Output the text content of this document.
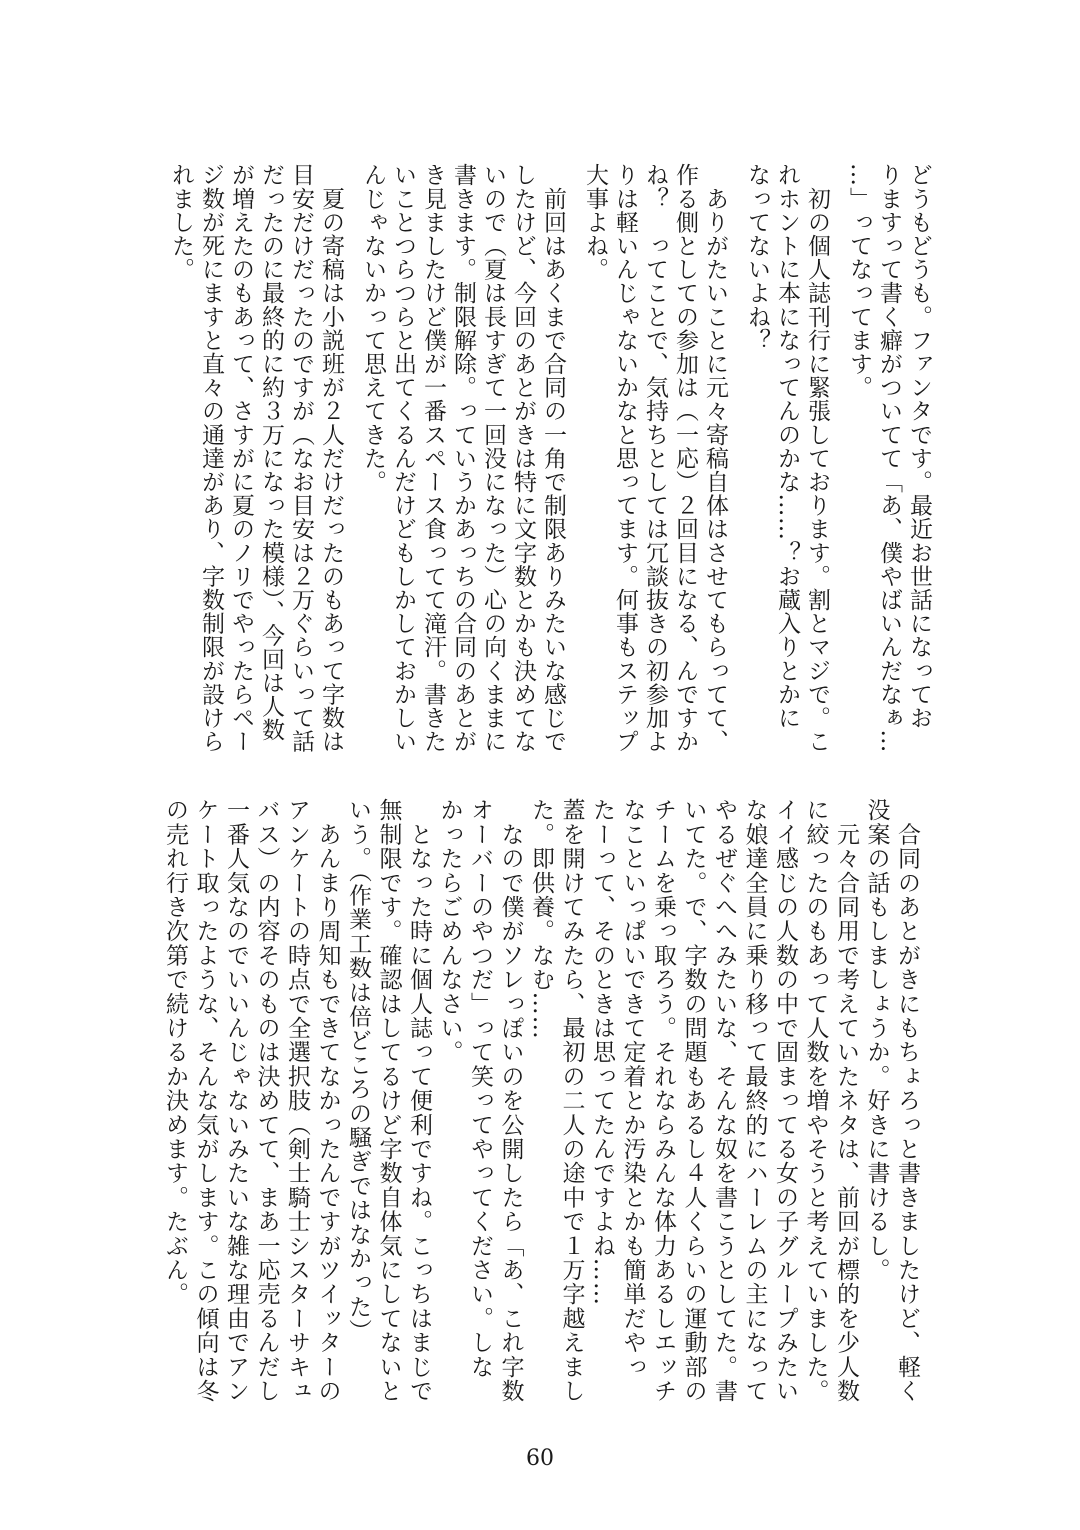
どうもどうも。ファンタです。最近お世話になってお
りますって書く癖がついてて「あ、僕やばいんだなぁ…
…」ってなってます。
　初の個人誌刊行に緊張しております。割とマジで。こ
れホントに本になってんのかな……？お蔵入りとかに
なってないよね？
　ありがたいことに元々寄稿自体はさせてもらってて、
作る側としての参加は（一応）２回目になる、んですか
ね？　ってことで、気持ちとしては冗談抜きの初参加よ
りは軽いんじゃないかなと思ってます。何事もステップ
大事よね。
　前回はあくまで合同の一角で制限ありみたいな感じで
したけど、今回のあとがきは特に文字数とかも決めてな
いので（夏は長すぎて一回没になった）心の向くままに
書きます。制限解除。っていうかあっちの合同のあとが
き見ましたけど僕が一番スペース食ってて滝汗。書きた
いことつらつらと出てくるんだけどもしかしておかしい
んじゃないかって思えてきた。
　夏の寄稿は小説班が２人だけだったのもあって字数は
目安だけだったのですが（なお目安は２万ぐらいって話
だったのに最終的に約３万になった模様）、今回は人数
が増えたのもあって、さすがに夏のノリでやったらペー
ジ数が死にますと直々の通達があり、字数制限が設けら
れました。
　合同のあとがきにもちょろっと書きましたけど、軽く
没案の話もしましょうか。好きに書けるし。
　元々合同用で考えていたネタは、前回が標的を少人数
に絞ったのもあって人数を増やそうと考えていました。
イイ感じの人数の中で固まってる女の子グループみたい
な娘達全員に乗り移って最終的にハーレムの主になって
やるぜぐへへみたいな、そんな奴を書こうとしてた。書
いてた。で、字数の問題もあるし４人くらいの運動部の
チームを乗っ取ろう。それならみんな体力あるしエッチ
なこといっぱいできて定着とか汚染とかも簡単だやっ
たーって、そのときは思ってたんですよね……
蓋を開けてみたら、最初の二人の途中で１万字越えまし
た。即供養。なむ……
　なので僕がソレっぽいのを公開したら「あ、これ字数
オーバーのやつだ」って笑ってやってください。しな
かったらごめんなさい。
　となった時に個人誌って便利ですね。こっちはまじで
無制限です。確認はしてるけど字数自体気にしてないと
いう。（作業工数は倍どころの騒ぎではなかった）
　あんまり周知もできてなかったんですがツイッターの
アンケートの時点で全選択肢（剣士騎士シスターサキュ
バス）の内容そのものは決めてて、まあ一応売るんだし
一番人気なのでいいんじゃないみたいな雑な理由でアン
ケート取ったような、そんな気がします。この傾向は冬
の売れ行き次第で続けるか決めます。たぶん。
60
